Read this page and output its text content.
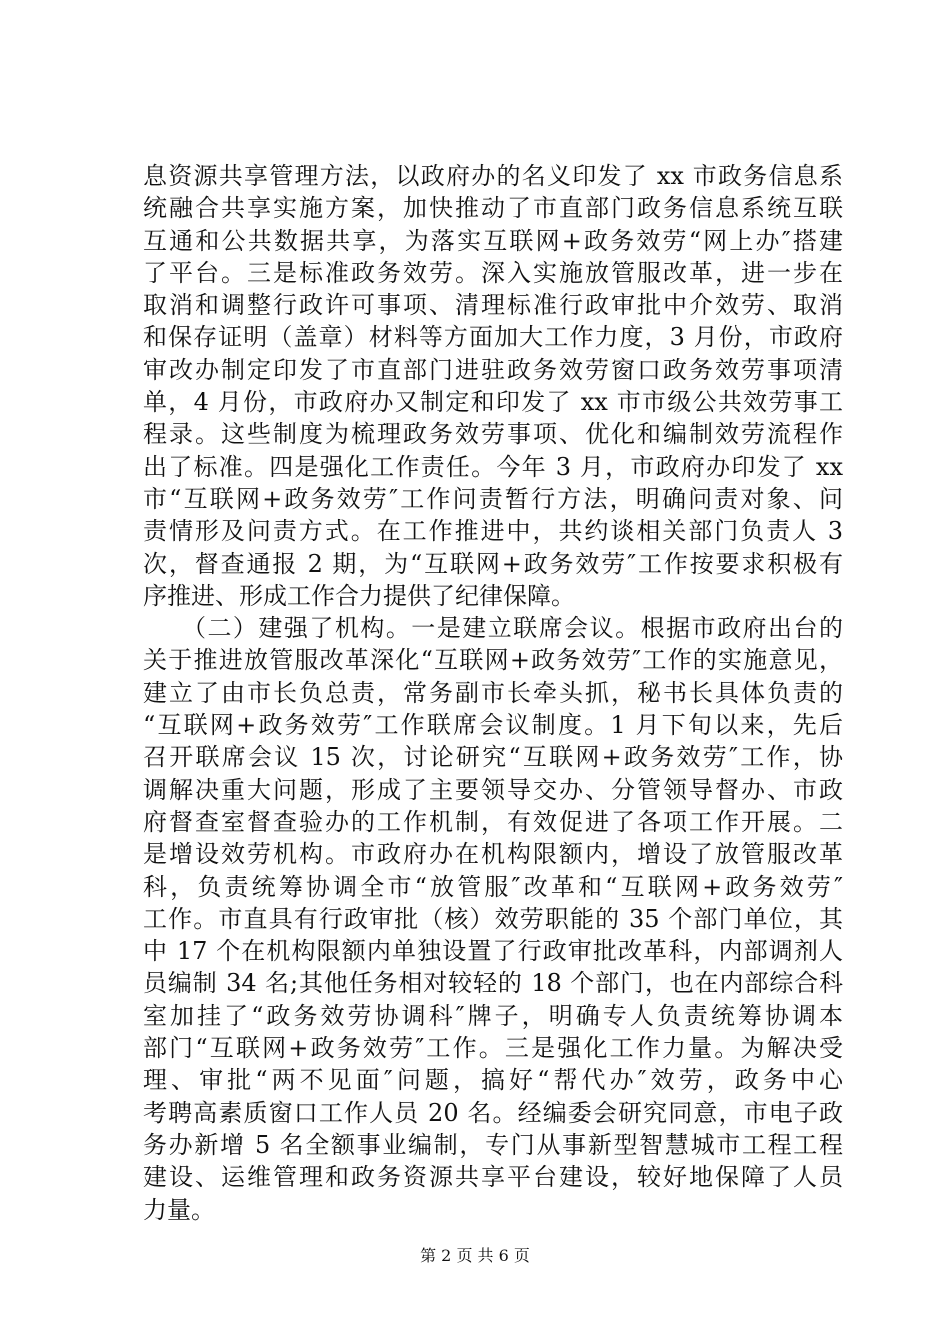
息资源共享管理方法，以政府办的名义印发了 xx 市政务信息系
统融合共享实施方案，加快推动了市直部门政务信息系统互联
互通和公共数据共享，为落实互联网+政务效劳“网上办″搭建
了平台。三是标准政务效劳。深入实施放管服改革，进一步在
取消和调整行政许可事项、清理标准行政审批中介效劳、取消
和保存证明（盖章）材料等方面加大工作力度，3 月份，市政府
审改办制定印发了市直部门进驻政务效劳窗口政务效劳事项清
单，4 月份，市政府办又制定和印发了 xx 市市级公共效劳事工
程录。这些制度为梳理政务效劳事项、优化和编制效劳流程作
出了标准。四是强化工作责任。今年 3 月，市政府办印发了 xx
市“互联网+政务效劳″工作问责暂行方法，明确问责对象、问
责情形及问责方式。在工作推进中，共约谈相关部门负责人 3
次，督查通报 2 期，为“互联网+政务效劳″工作按要求积极有
序推进、形成工作合力提供了纪律保障。
　　（二）建强了机构。一是建立联席会议。根据市政府出台的
关于推进放管服改革深化“互联网+政务效劳″工作的实施意见，
建立了由市长负总责，常务副市长牵头抓，秘书长具体负责的
“互联网+政务效劳″工作联席会议制度。1 月下旬以来，先后
召开联席会议 15 次，讨论研究“互联网+政务效劳″工作，协
调解决重大问题，形成了主要领导交办、分管领导督办、市政
府督查室督查验办的工作机制，有效促进了各项工作开展。二
是增设效劳机构。市政府办在机构限额内，增设了放管服改革
科，负责统筹协调全市“放管服″改革和“互联网+政务效劳″
工作。市直具有行政审批（核）效劳职能的 35 个部门单位，其
中 17 个在机构限额内单独设置了行政审批改革科，内部调剂人
员编制 34 名;其他任务相对较轻的 18 个部门，也在内部综合科
室加挂了“政务效劳协调科″牌子，明确专人负责统筹协调本
部门“互联网+政务效劳″工作。三是强化工作力量。为解决受
理、审批“两不见面″问题，搞好“帮代办″效劳，政务中心
考聘高素质窗口工作人员 20 名。经编委会研究同意，市电子政
务办新增 5 名全额事业编制，专门从事新型智慧城市工程工程
建设、运维管理和政务资源共享平台建设，较好地保障了人员
力量。
第 2 页 共 6 页
